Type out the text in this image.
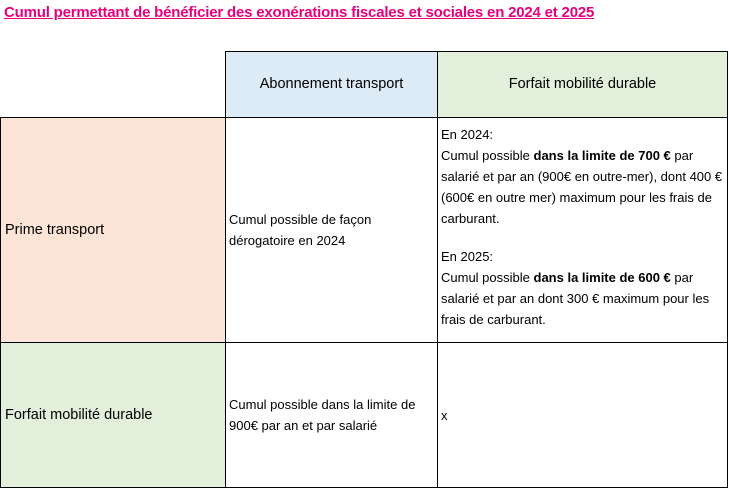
Cumul permettant de bénéficier des exonérations fiscales et sociales en 2024 et 2025
Abonnement transport	Forfait mobilité durable
Prime transport
Cumul possible de façon dérogatoire en 2024

En 2024:

Cumul possible dans la limite de 700 € par salarié et par an (900€ en outre-mer), dont 400 € (600€ en outre mer) maximum pour les frais de carburant.

En 2025:

Cumul possible dans la limite de 600 € par salarié et par an dont 300 € maximum pour les frais de carburant.

Forfait mobilité durable
Cumul possible dans la limite de 900€ par an et par salarié
x
